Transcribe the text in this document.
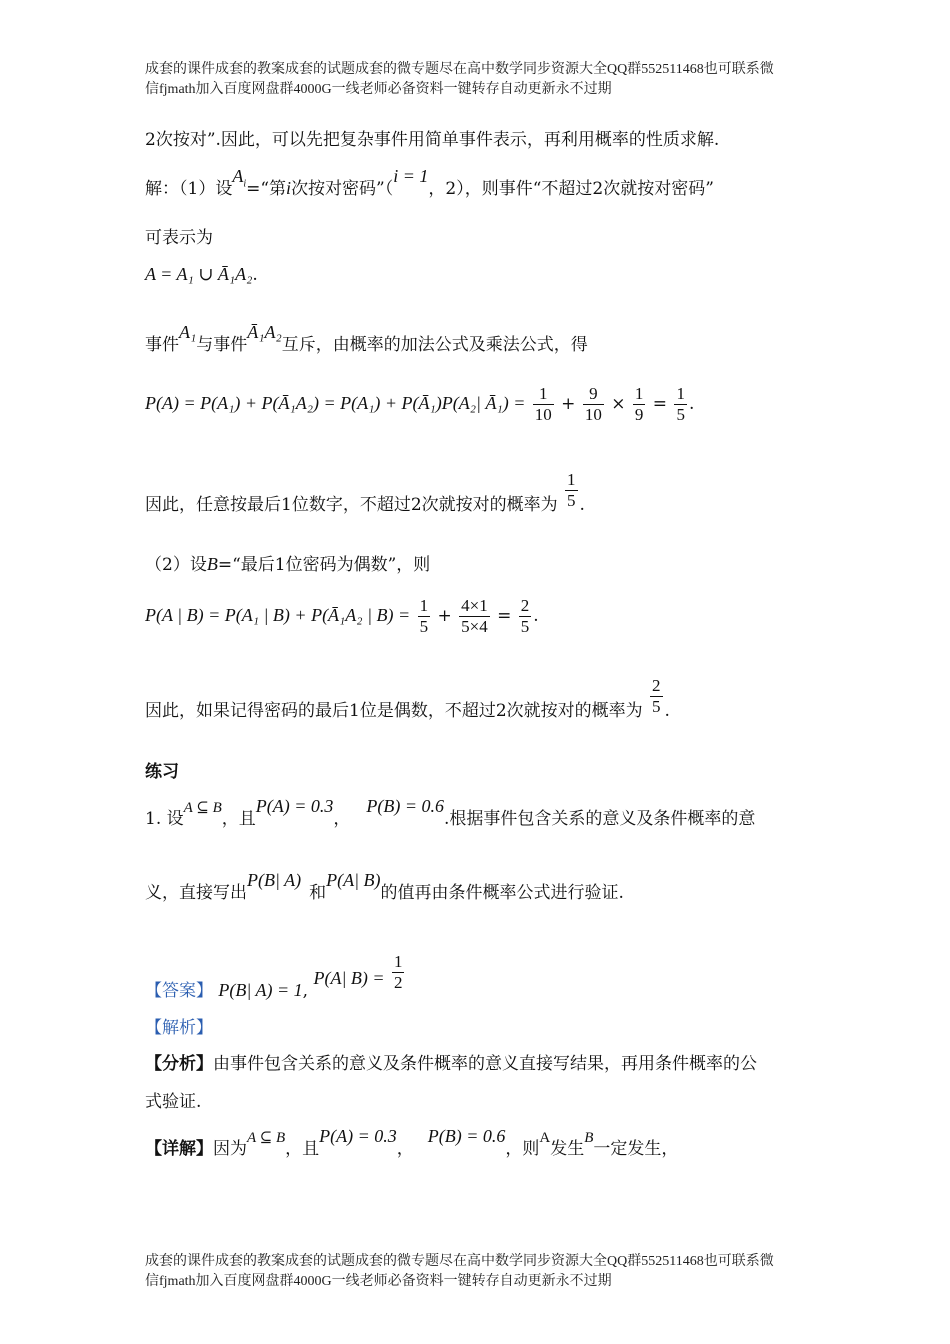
成套的课件成套的教案成套的试题成套的微专题尽在高中数学同步资源大全QQ群552511468也可联系微
信fjmath加入百度网盘群4000G一线老师必备资料一键转存自动更新永不过期
2次按对”.因此，可以先把复杂事件用简单事件表示，再利用概率的性质求解.
解：（1）设$A_i=“$第i次按对密码”（i = 1，2），则事件“不超过2次就按对密码”
可表示为
A = A₁ ∪ Ā₁A₂.
事件A₁与事件Ā₁A₂互斥，由概率的加法公式及乘法公式，得
P(A) = P(A₁) + P(Ā₁A₂) = P(A₁) + P(Ā₁)P(A₂| Ā₁) = $\frac{1}{10} + \frac{9}{10} \times \frac{1}{9} = \frac{1}{5}$ .
因此，任意按最后1位数字，不超过2次就按对的概率为 $\frac{1}{5}$ .
（2）设B=“最后1位密码为偶数”，则
P(A | B) = P(A₁ | B) + P(Ā₁A₂ | $B) = \frac{1}{5} + \frac{4\times 1}{5\times 4} = \frac{2}{5}$ .
因此，如果记得密码的最后1位是偶数，不超过2次就按对的概率为 $\frac{2}{5}$ .
练习
1. 设A ⊆ B，且P(A) = 0.3，P(B) = 0.6.根据事件包含关系的意义及条件概率的意
义，直接写出P(B| A)和P(A| B)的值再由条件概率公式进行验证.
【答案】 P(B| A) = 1, P(A| $B) = \frac{1}{2}$
【解析】
【分析】由事件包含关系的意义及条件概率的意义直接写结果，再用条件概率的公
式验证.
【详解】因为A ⊆ B，且P(A) = 0.3，P(B) = 0.6，则A发生B一定发生，
成套的课件成套的教案成套的试题成套的微专题尽在高中数学同步资源大全QQ群552511468也可联系微
信fjmath加入百度网盘群4000G一线老师必备资料一键转存自动更新永不过期
